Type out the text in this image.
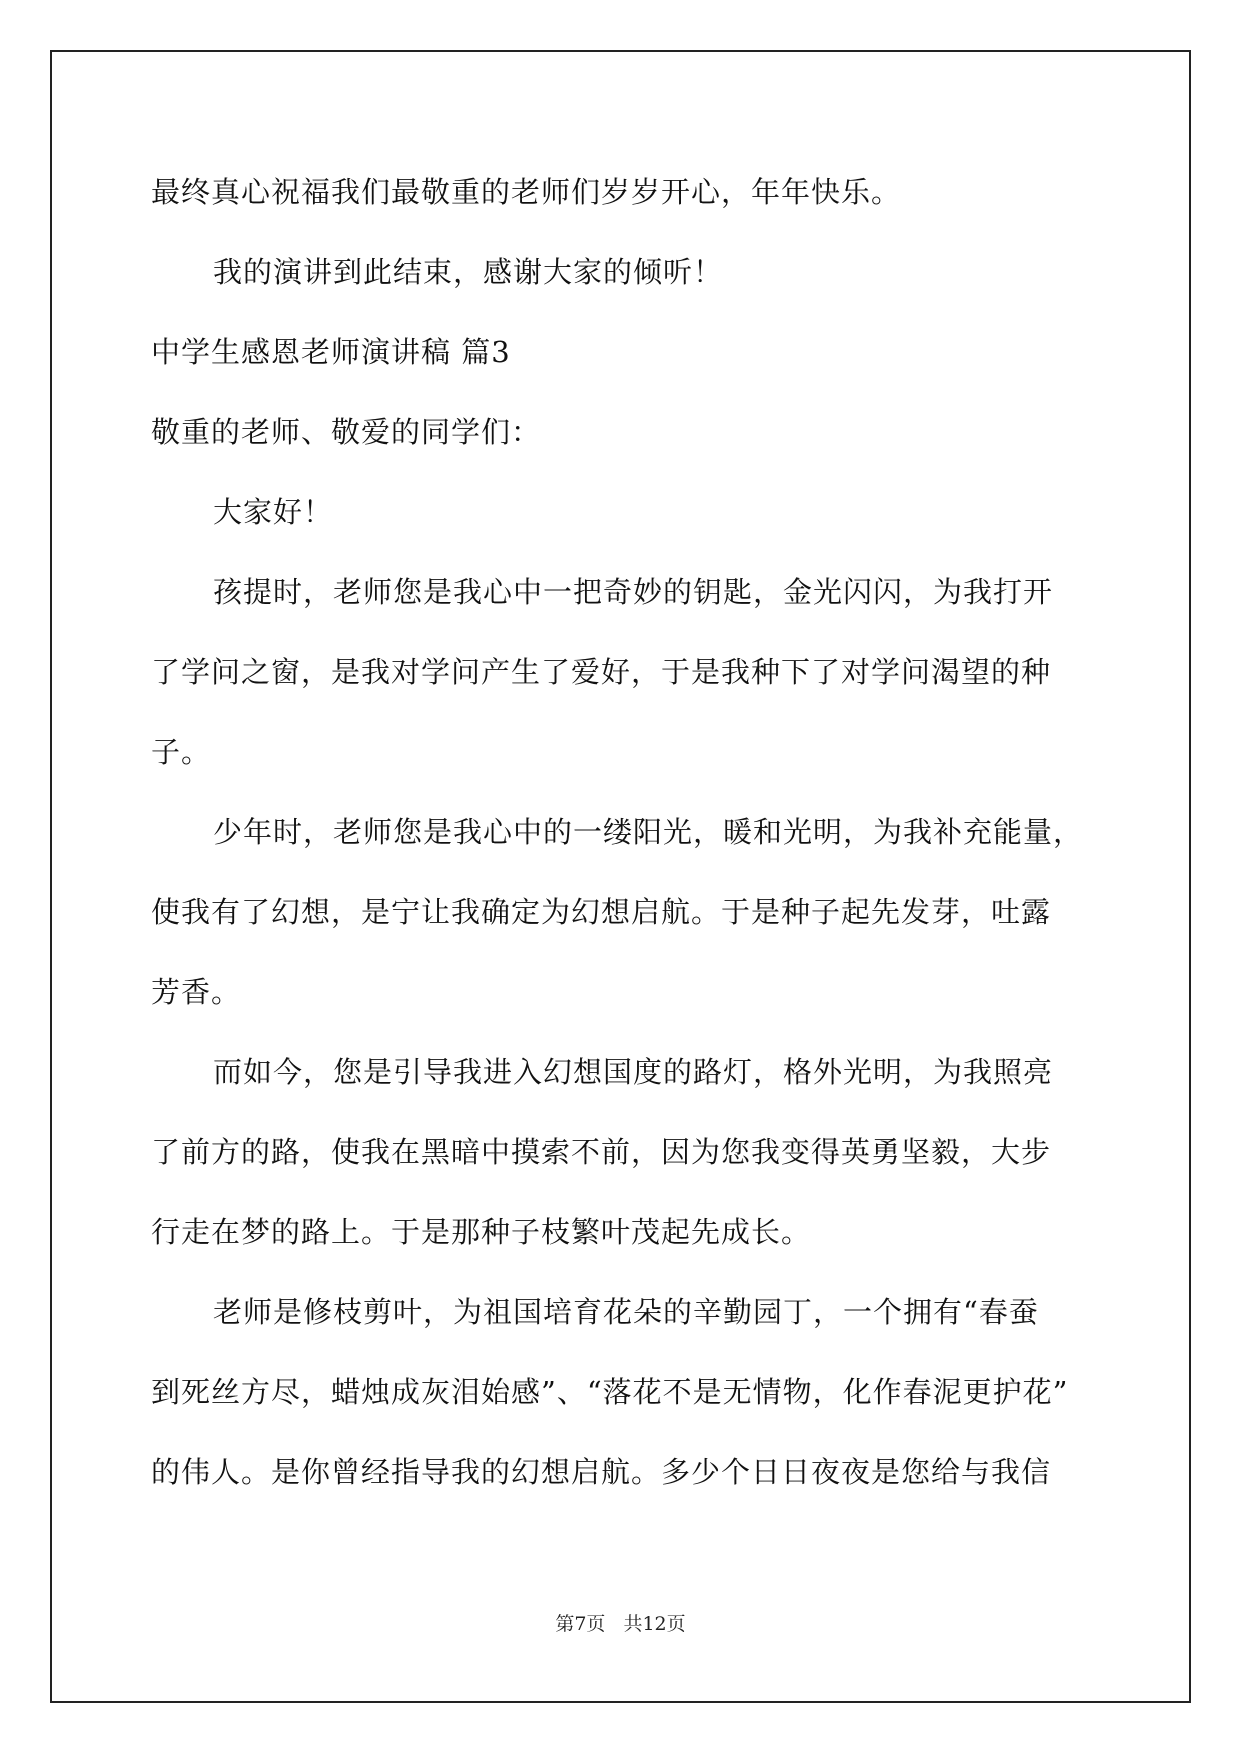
最终真心祝福我们最敬重的老师们岁岁开心，年年快乐。
我的演讲到此结束，感谢大家的倾听！
中学生感恩老师演讲稿 篇3
敬重的老师、敬爱的同学们：
大家好！
孩提时，老师您是我心中一把奇妙的钥匙，金光闪闪，为我打开
了学问之窗，是我对学问产生了爱好，于是我种下了对学问渴望的种
子。
少年时，老师您是我心中的一缕阳光，暖和光明，为我补充能量，
使我有了幻想，是宁让我确定为幻想启航。于是种子起先发芽，吐露
芳香。
而如今，您是引导我进入幻想国度的路灯，格外光明，为我照亮
了前方的路，使我在黑暗中摸索不前，因为您我变得英勇坚毅，大步
行走在梦的路上。于是那种子枝繁叶茂起先成长。
老师是修枝剪叶，为祖国培育花朵的辛勤园丁，一个拥有“春蚕
到死丝方尽，蜡烛成灰泪始感”、“落花不是无情物，化作春泥更护花”
的伟人。是你曾经指导我的幻想启航。多少个日日夜夜是您给与我信
第7页 共12页
